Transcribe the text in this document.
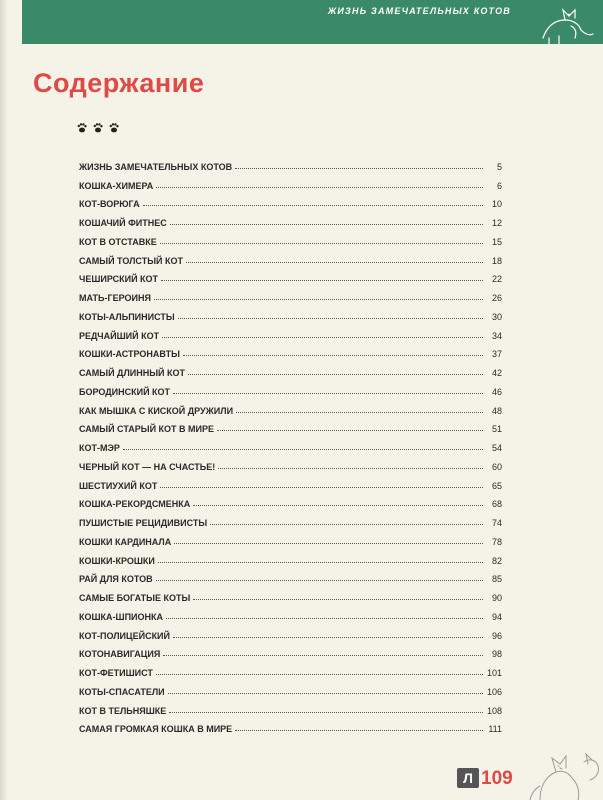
ЖИЗНЬ ЗАМЕЧАТЕЛЬНЫХ КОТОВ
Содержание
ЖИЗНЬ ЗАМЕЧАТЕЛЬНЫХ КОТОВ	5
КОШКА-ХИМЕРА	6
КОТ-ВОРЮГА	10
КОШАЧИЙ ФИТНЕС	12
КОТ В ОТСТАВКЕ	15
САМЫЙ ТОЛСТЫЙ КОТ	18
ЧЕШИРСКИЙ КОТ	22
МАТЬ-ГЕРОИНЯ	26
КОТЫ-АЛЬПИНИСТЫ	30
РЕДЧАЙШИЙ КОТ	34
КОШКИ-АСТРОНАВТЫ	37
САМЫЙ ДЛИННЫЙ КОТ	42
БОРОДИНСКИЙ КОТ	46
КАК МЫШКА С КИСКОЙ ДРУЖИЛИ	48
САМЫЙ СТАРЫЙ КОТ В МИРЕ	51
КОТ-МЭР	54
ЧЕРНЫЙ КОТ — НА СЧАСТЬЕ!	60
ШЕСТИУХИЙ КОТ	65
КОШКА-РЕКОРДСМЕНКА	68
ПУШИСТЫЕ РЕЦИДИВИСТЫ	74
КОШКИ КАРДИНАЛА	78
КОШКИ-КРОШКИ	82
РАЙ ДЛЯ КОТОВ	85
САМЫЕ БОГАТЫЕ КОТЫ	90
КОШКА-ШПИОНКА	94
КОТ-ПОЛИЦЕЙСКИЙ	96
КОТОНАВИГАЦИЯ	98
КОТ-ФЕТИШИСТ	101
КОТЫ-СПАСАТЕЛИ	106
КОТ В ТЕЛЬНЯШКЕ	108
САМАЯ ГРОМКАЯ КОШКА В МИРЕ	111
Л 109
